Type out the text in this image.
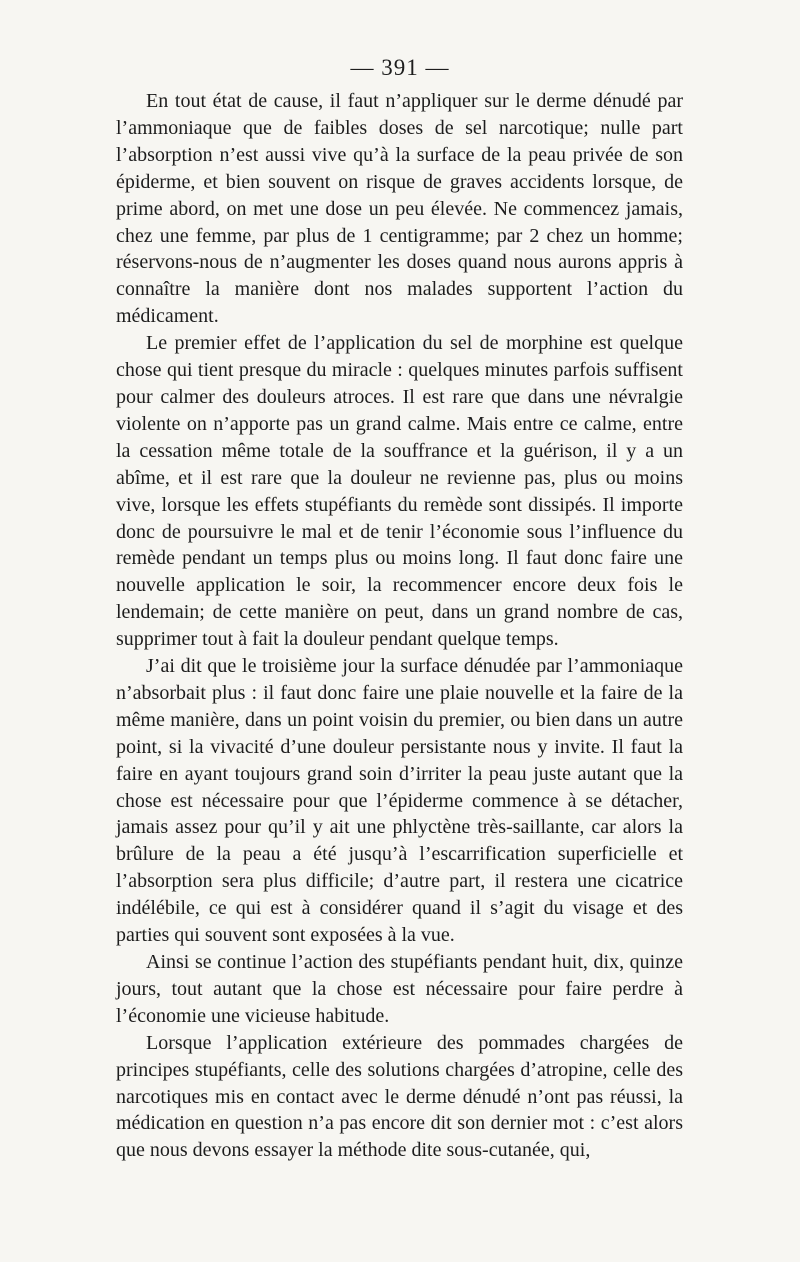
— 391 —

En tout état de cause, il faut n’appliquer sur le derme dénudé par l’ammoniaque que de faibles doses de sel narcotique; nulle part l’absorption n’est aussi vive qu’à la surface de la peau privée de son épiderme, et bien souvent on risque de graves accidents lorsque, de prime abord, on met une dose un peu élevée. Ne commencez jamais, chez une femme, par plus de 1 centigramme; par 2 chez un homme; réservons-nous de n’augmenter les doses quand nous aurons appris à connaître la manière dont nos malades supportent l’action du médicament.

Le premier effet de l’application du sel de morphine est quelque chose qui tient presque du miracle : quelques minutes parfois suffisent pour calmer des douleurs atroces. Il est rare que dans une névralgie violente on n’apporte pas un grand calme. Mais entre ce calme, entre la cessation même totale de la souffrance et la guérison, il y a un abîme, et il est rare que la douleur ne revienne pas, plus ou moins vive, lorsque les effets stupéfiants du remède sont dissipés. Il importe donc de poursuivre le mal et de tenir l’économie sous l’influence du remède pendant un temps plus ou moins long. Il faut donc faire une nouvelle application le soir, la recommencer encore deux fois le lendemain; de cette manière on peut, dans un grand nombre de cas, supprimer tout à fait la douleur pendant quelque temps.

J’ai dit que le troisième jour la surface dénudée par l’ammoniaque n’absorbait plus : il faut donc faire une plaie nouvelle et la faire de la même manière, dans un point voisin du premier, ou bien dans un autre point, si la vivacité d’une douleur persistante nous y invite. Il faut la faire en ayant toujours grand soin d’irriter la peau juste autant que la chose est nécessaire pour que l’épiderme commence à se détacher, jamais assez pour qu’il y ait une phlyctène très-saillante, car alors la brûlure de la peau a été jusqu’à l’escarrification superficielle et l’absorption sera plus difficile; d’autre part, il restera une cicatrice indélébile, ce qui est à considérer quand il s’agit du visage et des parties qui souvent sont exposées à la vue.

Ainsi se continue l’action des stupéfiants pendant huit, dix, quinze jours, tout autant que la chose est nécessaire pour faire perdre à l’économie une vicieuse habitude.

Lorsque l’application extérieure des pommades chargées de principes stupéfiants, celle des solutions chargées d’atropine, celle des narcotiques mis en contact avec le derme dénudé n’ont pas réussi, la médication en question n’a pas encore dit son dernier mot : c’est alors que nous devons essayer la méthode dite sous-cutanée, qui,
